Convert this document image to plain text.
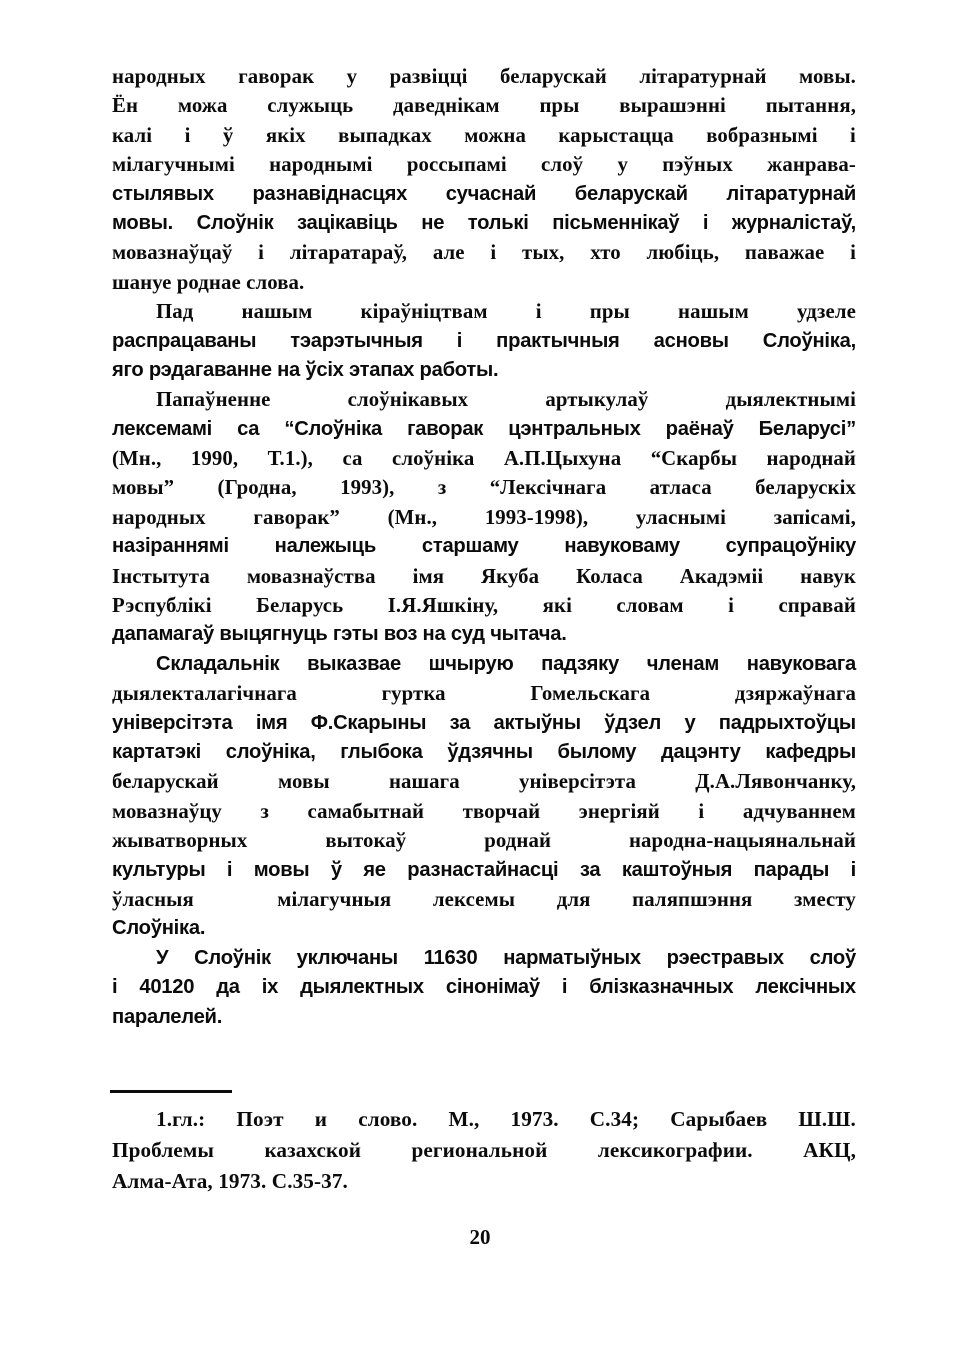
народных гаворак у развіцці беларускай літаратурнай мовы.
Ён можа служыць даведнікам пры вырашэнні пытання,
калі і ў якіх выпадках можна карыстацца вобразнымі і
мілагучнымі народнымі россыпамі слоў у пэўных жанрава-
стылявых разнавіднасцях сучаснай беларускай літаратурнай
мовы. Слоўнік зацікавіць не толькі пісьменнікаў і журналістаў,
мовазнаўцаў і літаратараў, але і тых, хто любіць, паважае і
шануе роднае слова.
Пад нашым кіраўніцтвам і пры нашым удзеле
распрацаваны тэарэтычныя і практычныя асновы Слоўніка,
яго рэдагаванне на ўсіх этапах работы.
Папаўненне	слоўнікавых	артыкулаў	дыялектнымі
лексемамі са “Слоўніка гаворак цэнтральных раёнаў Беларусі”
(Мн., 1990, Т.1.), са слоўніка А.П.Цыхуна “Скарбы народнай
мовы” (Гродна, 1993), з “Лексічнага атласа беларускіх
народных гаворак” (Мн., 1993-1998), уласнымі запісамі,
назіраннямі належыць старшаму навуковаму супрацоўніку
Інстытута мовазнаўства імя Якуба Коласа Акадэміі навук
Рэспублікі Беларусь І.Я.Яшкіну, які словам і справай
дапамагаў выцягнуць гэты воз на суд чытача.
Складальнік выказвае шчырую падзяку членам навуковага
дыялекталагічнага	гуртка	Гомельскага	дзяржаўнага
універсітэта імя Ф.Скарыны за актыўны ўдзел у падрыхтоўцы
картатэкі слоўніка, глыбока ўдзячны былому дацэнту кафедры
беларускай	мовы	нашага	універсітэта	Д.А.Лявончанку,
мовазнаўцу з самабытнай творчай энергіяй і адчуваннем
жыватворных	вытокаў	роднай	народна-нацыянальнай
культуры і мовы ў яе разнастайнасці за каштоўныя парады і
ўласныя	мілагучныя лексемы для паляпшэння зместу
Слоўніка.
У Слоўнік уключаны 11630 нарматыўных рэестравых слоў
і 40120 да іх дыялектных сінонімаў і блізказначных лексічных
паралелей.
1.гл.: Поэт и слово. М., 1973. С.34; Сарыбаев Ш.Ш.
Проблемы казахской региональной лексикографии. АКЦ,
Алма-Ата, 1973. С.35-37.
20
